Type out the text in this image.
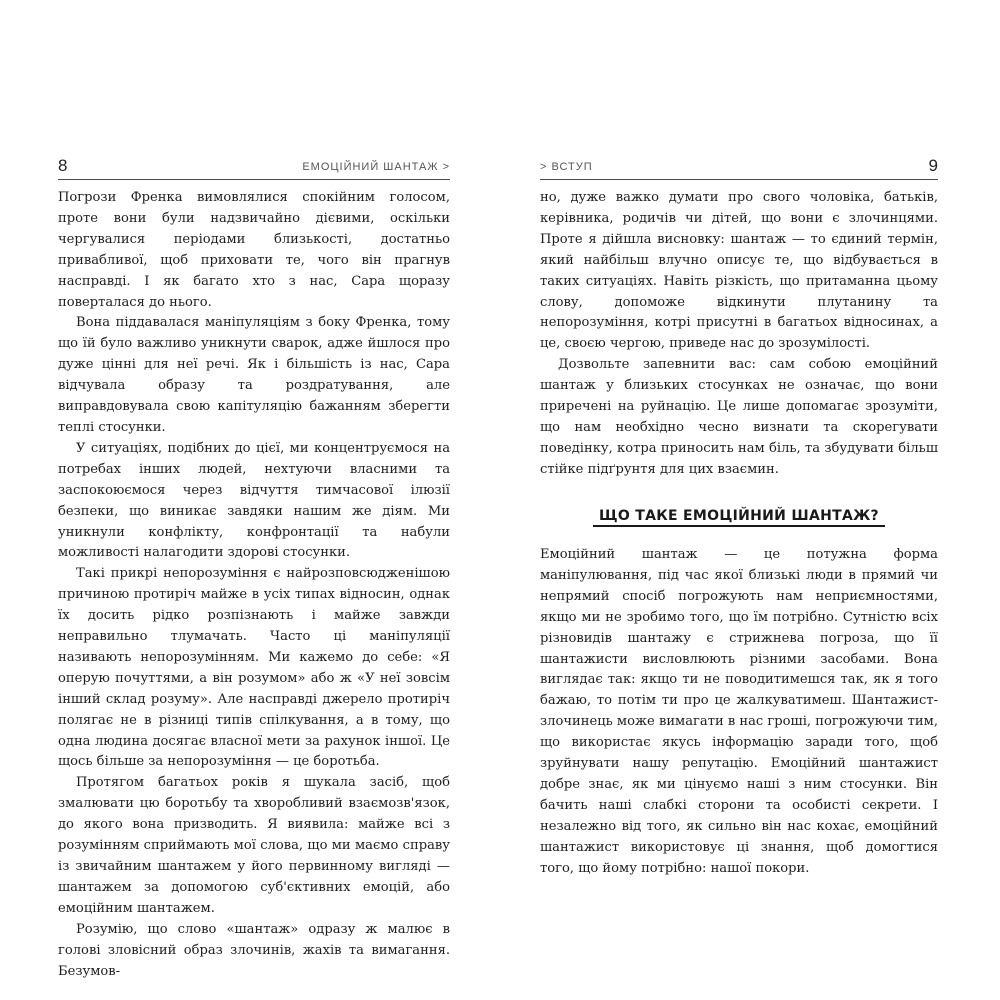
8	ЕМОЦІЙНИЙ ШАНТАЖ >

Погрози Френка вимовлялися спокійним голосом, проте вони були надзвичайно дієвими, оскільки чергувалися періодами близькості, достатньо привабливої, щоб приховати те, чого він прагнув насправді. І як багато хто з нас, Сара щоразу поверталася до нього.

Вона піддавалася маніпуляціям з боку Френка, тому що їй було важливо уникнути сварок, адже йшлося про дуже цінні для неї речі. Як і більшість із нас, Сара відчувала образу та роздратування, але виправдовувала свою капітуляцію бажанням зберегти теплі стосунки.

У ситуаціях, подібних до цієї, ми концентруємося на потребах інших людей, нехтуючи власними та заспокоюємося через відчуття тимчасової ілюзії безпеки, що виникає завдяки нашим же діям. Ми уникнули конфлікту, конфронтації та набули можливості налагодити здорові стосунки.

Такі прикрі непорозуміння є найрозповсюдженішою причиною протиріч майже в усіх типах відносин, однак їх досить рідко розпізнають і майже завжди неправильно тлумачать. Часто ці маніпуляції називають непорозумінням. Ми кажемо до себе: «Я оперую почуттями, а він розумом» або ж «У неї зовсім інший склад розуму». Але насправді джерело протиріч полягає не в різниці типів спілкування, а в тому, що одна людина досягає власної мети за рахунок іншої. Це щось більше за непорозуміння — це боротьба.

Протягом багатьох років я шукала засіб, щоб змалювати цю боротьбу та хворобливий взаємозв'язок, до якого вона призводить. Я виявила: майже всі з розумінням сприймають мої слова, що ми маємо справу із звичайним шантажем у його первинному вигляді — шантажем за допомогою суб'єктивних емоцій, або емоційним шантажем.

Розумію, що слово «шантаж» одразу ж малює в голові зловісний образ злочинів, жахів та вимагання. Безумов-

> ВСТУП	9

но, дуже важко думати про свого чоловіка, батьків, керівника, родичів чи дітей, що вони є злочинцями. Проте я дійшла висновку: шантаж — то єдиний термін, який найбільш влучно описує те, що відбувається в таких ситуаціях. Навіть різкість, що притаманна цьому слову, допоможе відкинути плутанину та непорозуміння, котрі присутні в багатьох відносинах, а це, своєю чергою, приведе нас до зрозумілості.

Дозвольте запевнити вас: сам собою емоційний шантаж у близьких стосунках не означає, що вони приречені на руйнацію. Це лише допомагає зрозуміти, що нам необхідно чесно визнати та скорегувати поведінку, котра приносить нам біль, та збудувати більш стійке підґрунтя для цих взаємин.

ЩО ТАКЕ ЕМОЦІЙНИЙ ШАНТАЖ?

Емоційний шантаж — це потужна форма маніпулювання, під час якої близькі люди в прямий чи непрямий спосіб погрожують нам неприємностями, якщо ми не зробимо того, що їм потрібно. Сутністю всіх різновидів шантажу є стрижнева погроза, що її шантажисти висловлюють різними засобами. Вона виглядає так: якщо ти не поводитимешся так, як я того бажаю, то потім ти про це жалкуватимеш. Шантажист-злочинець може вимагати в нас гроші, погрожуючи тим, що використає якусь інформацію заради того, щоб зруйнувати нашу репутацію. Емоційний шантажист добре знає, як ми цінуємо наші з ним стосунки. Він бачить наші слабкі сторони та особисті секрети. І незалежно від того, як сильно він нас кохає, емоційний шантажист використовує ці знання, щоб домогтися того, що йому потрібно: нашої покори.
